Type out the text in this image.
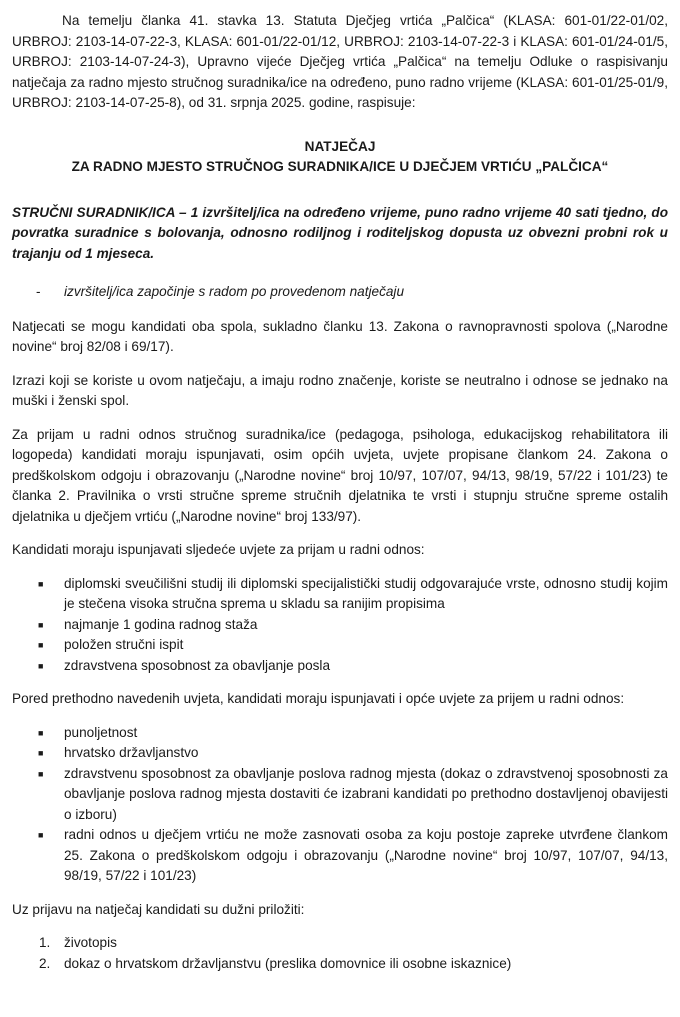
Na temelju članka 41. stavka 13. Statuta Dječjeg vrtića „Palčica“ (KLASA: 601-01/22-01/02, URBROJ: 2103-14-07-22-3, KLASA: 601-01/22-01/12, URBROJ: 2103-14-07-22-3 i KLASA: 601-01/24-01/5, URBROJ: 2103-14-07-24-3), Upravno vijeće Dječjeg vrtića „Palčica“ na temelju Odluke o raspisivanju natječaja za radno mjesto stručnog suradnika/ice na određeno, puno radno vrijeme (KLASA: 601-01/25-01/9, URBROJ: 2103-14-07-25-8), od 31. srpnja 2025. godine, raspisuje:

NATJEČAJ
ZA RADNO MJESTO STRUČNOG SURADNIKA/ICE U DJEČJEM VRTIĆU „PALČICA“

STRUČNI SURADNIK/ICA – 1 izvršitelj/ica na određeno vrijeme, puno radno vrijeme 40 sati tjedno, do povratka suradnice s bolovanja, odnosno rodiljnog i roditeljskog dopusta uz obvezni probni rok u trajanju od 1 mjeseca.

-	izvršitelj/ica započinje s radom po provedenom natječaju

Natjecati se mogu kandidati oba spola, sukladno članku 13. Zakona o ravnopravnosti spolova („Narodne novine“ broj 82/08 i 69/17).

Izrazi koji se koriste u ovom natječaju, a imaju rodno značenje, koriste se neutralno i odnose se jednako na muški i ženski spol.

Za prijam u radni odnos stručnog suradnika/ice (pedagoga, psihologa, edukacijskog rehabilitatora ili logopeda) kandidati moraju ispunjavati, osim općih uvjeta, uvjete propisane člankom 24. Zakona o predškolskom odgoju i obrazovanju („Narodne novine“ broj 10/97, 107/07, 94/13, 98/19, 57/22 i 101/23) te članka 2. Pravilnika o vrsti stručne spreme stručnih djelatnika te vrsti i stupnju stručne spreme ostalih djelatnika u dječjem vrtiću („Narodne novine“ broj 133/97).

Kandidati moraju ispunjavati sljedeće uvjete za prijam u radni odnos:

■	diplomski sveučilišni studij ili diplomski specijalistički studij odgovarajuće vrste, odnosno studij kojim je stečena visoka stručna sprema u skladu sa ranijim propisima
■	najmanje 1 godina radnog staža
■	položen stručni ispit
■	zdravstvena sposobnost za obavljanje posla

Pored prethodno navedenih uvjeta, kandidati moraju ispunjavati i opće uvjete za prijem u radni odnos:

■	punoljetnost
■	hrvatsko državljanstvo
■	zdravstvenu sposobnost za obavljanje poslova radnog mjesta (dokaz o zdravstvenoj sposobnosti za obavljanje poslova radnog mjesta dostaviti će izabrani kandidati po prethodno dostavljenoj obavijesti o izboru)
■	radni odnos u dječjem vrtiću ne može zasnovati osoba za koju postoje zapreke utvrđene člankom 25. Zakona o predškolskom odgoju i obrazovanju („Narodne novine“ broj 10/97, 107/07, 94/13, 98/19, 57/22 i 101/23)

Uz prijavu na natječaj kandidati su dužni priložiti:

1.	životopis
2.	dokaz o hrvatskom državljanstvu (preslika domovnice ili osobne iskaznice)
